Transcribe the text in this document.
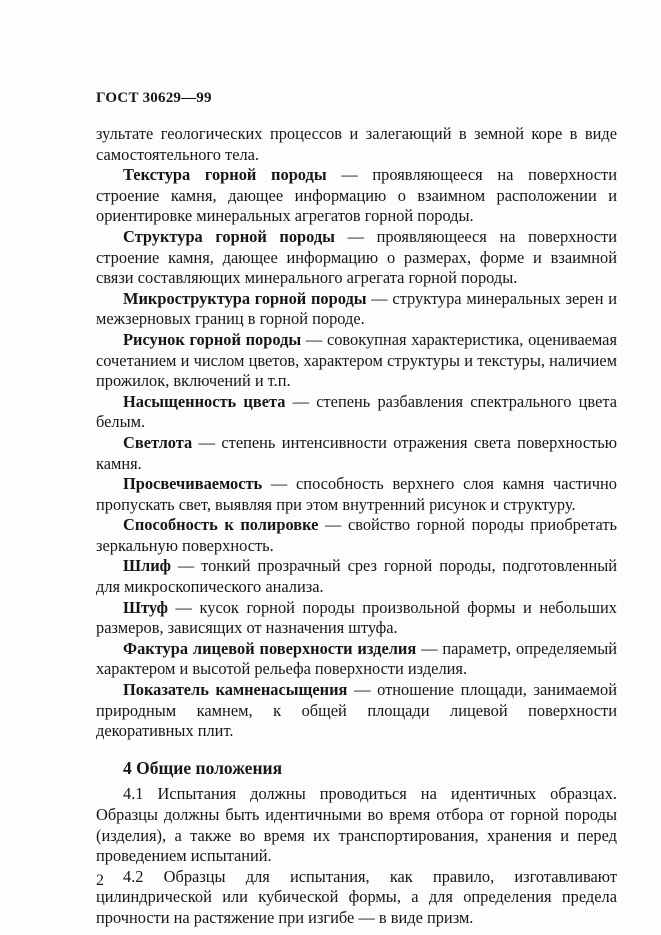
ГОСТ 30629—99

зультате геологических процессов и залегающий в земной коре в виде самостоятельного тела.

Текстура горной породы — проявляющееся на поверхности строение камня, дающее информацию о взаимном расположении и ориентировке минеральных агрегатов горной породы.

Структура горной породы — проявляющееся на поверхности строение камня, дающее информацию о размерах, форме и взаимной связи составляющих минерального агрегата горной породы.

Микроструктура горной породы — структура минеральных зерен и межзерновых границ в горной породе.

Рисунок горной породы — совокупная характеристика, оцениваемая сочетанием и числом цветов, характером структуры и текстуры, наличием прожилок, включений и т.п.

Насыщенность цвета — степень разбавления спектрального цвета белым.

Светлота — степень интенсивности отражения света поверхностью камня.

Просвечиваемость — способность верхнего слоя камня частично пропускать свет, выявляя при этом внутренний рисунок и структуру.

Способность к полировке — свойство горной породы приобретать зеркальную поверхность.

Шлиф — тонкий прозрачный срез горной породы, подготовленный для микроскопического анализа.

Штуф — кусок горной породы произвольной формы и небольших размеров, зависящих от назначения штуфа.

Фактура лицевой поверхности изделия — параметр, определяемый характером и высотой рельефа поверхности изделия.

Показатель камненасыщения — отношение площади, занимаемой природным камнем, к общей площади лицевой поверхности декоративных плит.

4 Общие положения

4.1 Испытания должны проводиться на идентичных образцах. Образцы должны быть идентичными во время отбора от горной породы (изделия), а также во время их транспортирования, хранения и перед проведением испытаний.

4.2 Образцы для испытания, как правило, изготавливают цилиндрической или кубической формы, а для определения предела прочности на растяжение при изгибе — в виде призм.

2
